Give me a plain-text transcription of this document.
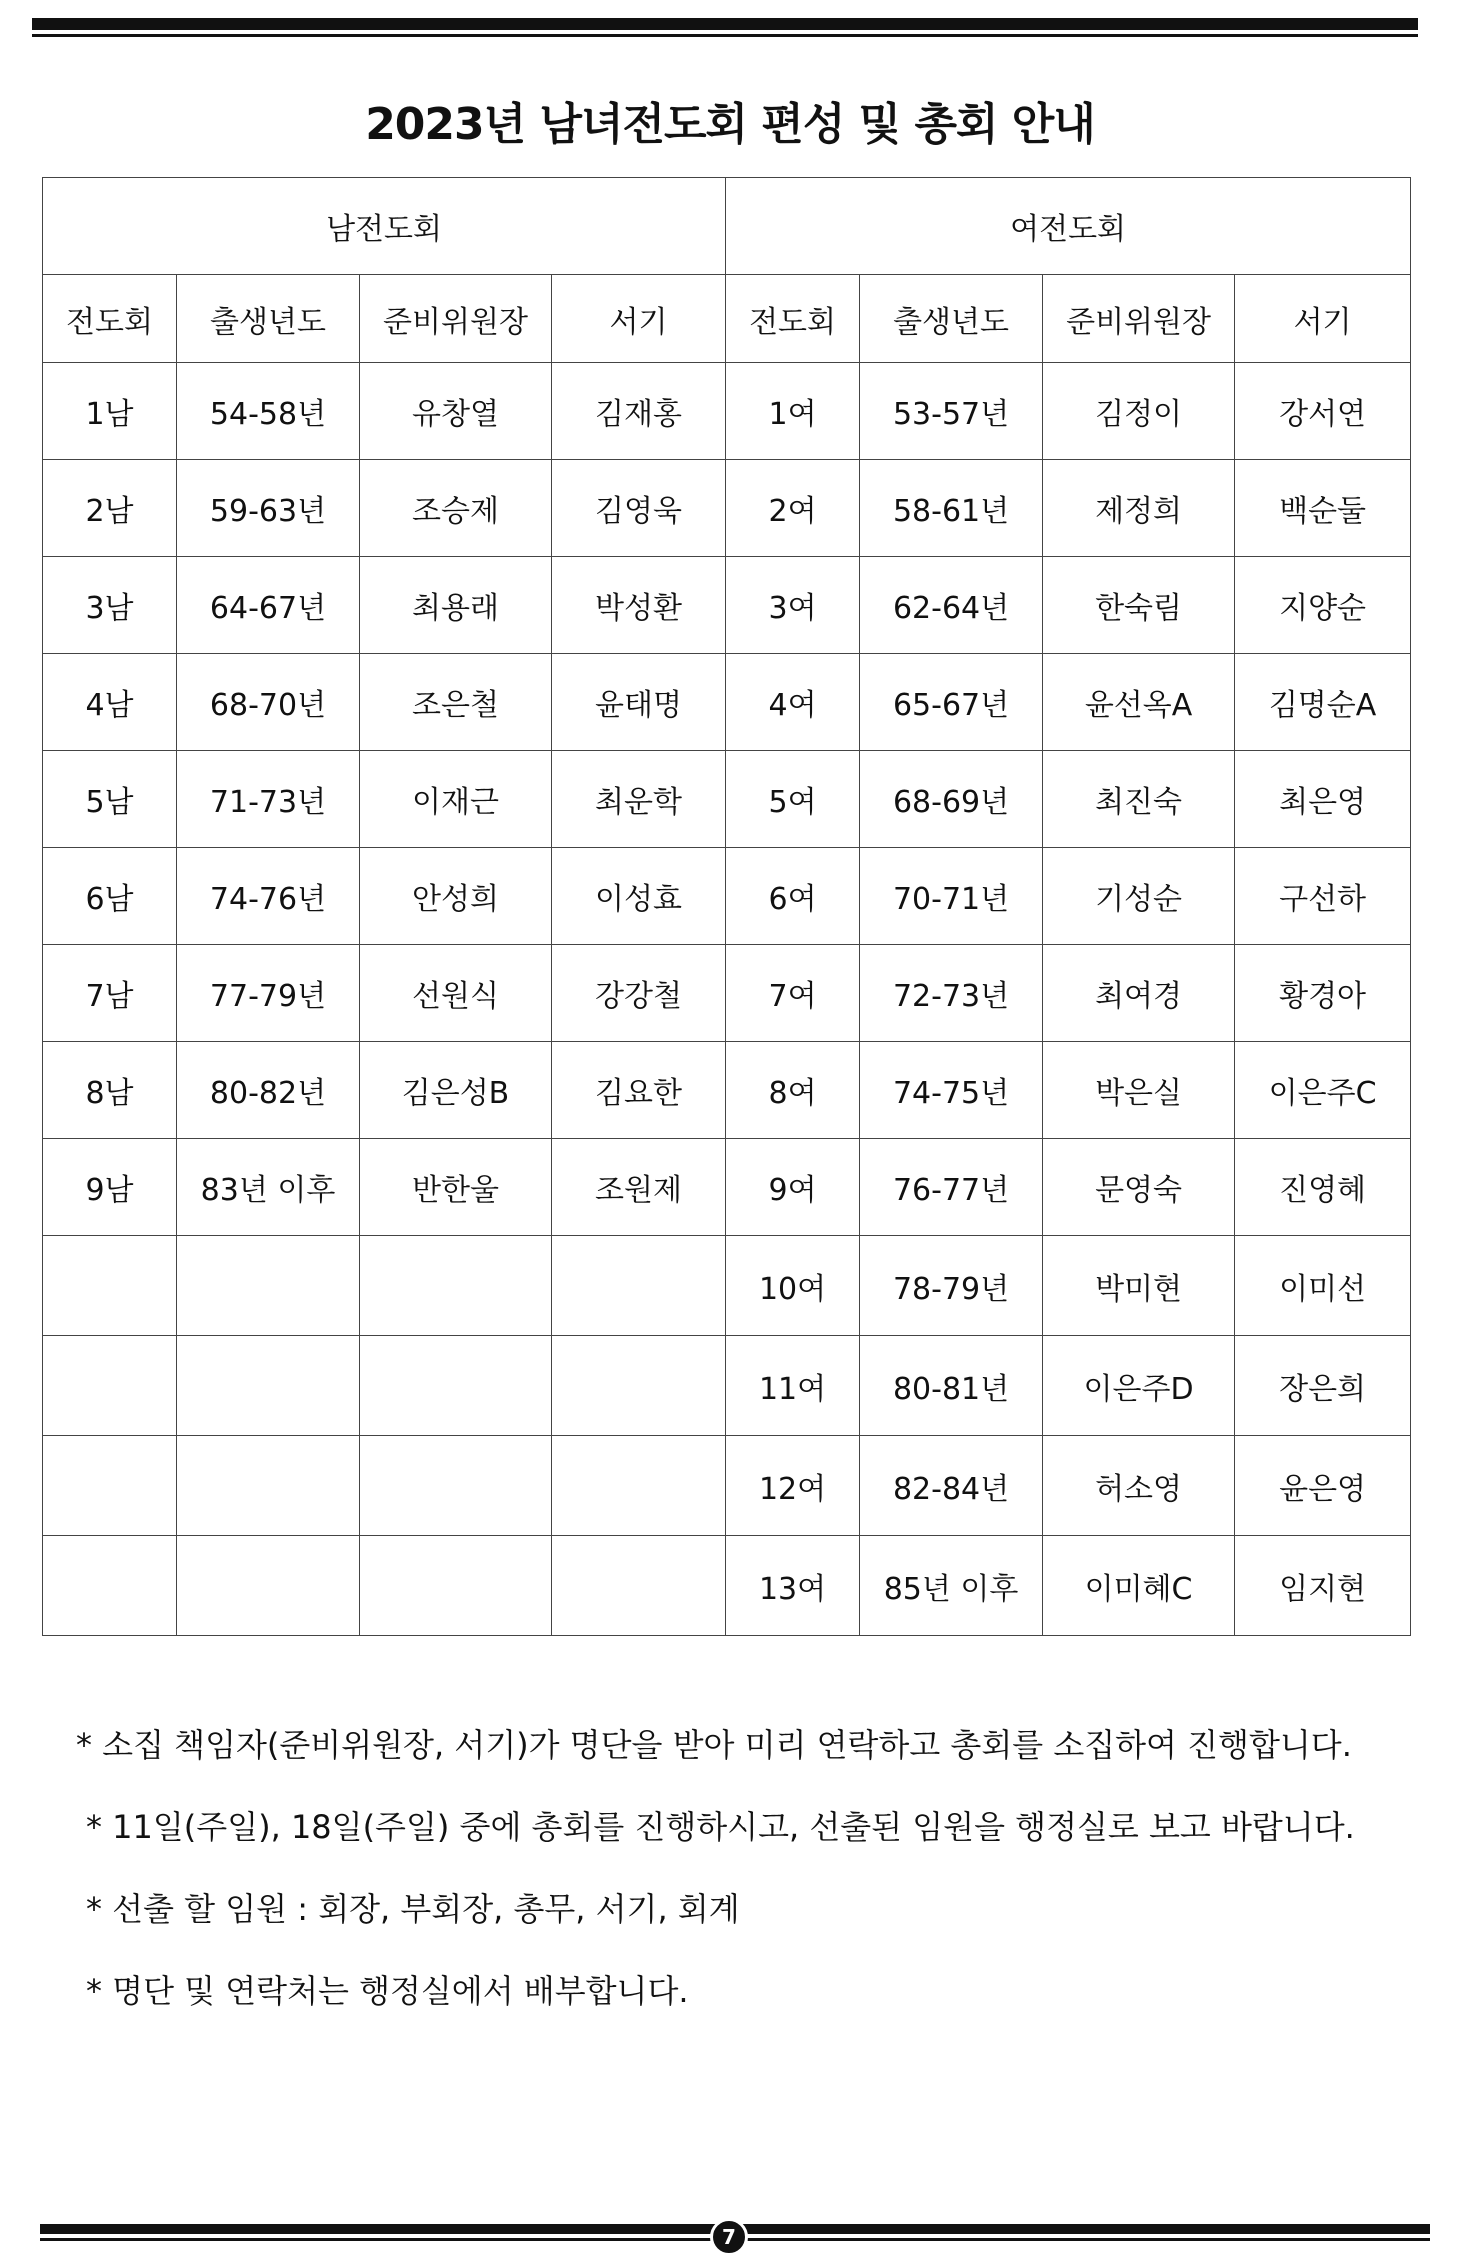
2023년 남녀전도회 편성 및 총회 안내
남전도회				여전도회			
전도회	출생년도	준비위원장	서기	전도회	출생년도	준비위원장	서기
1남	54-58년	유창열	김재홍	1여	53-57년	김정이	강서연
2남	59-63년	조승제	김영욱	2여	58-61년	제정희	백순둘
3남	64-67년	최용래	박성환	3여	62-64년	한숙림	지양순
4남	68-70년	조은철	윤태명	4여	65-67년	윤선옥A	김명순A
5남	71-73년	이재근	최운학	5여	68-69년	최진숙	최은영
6남	74-76년	안성희	이성효	6여	70-71년	기성순	구선하
7남	77-79년	선원식	강강철	7여	72-73년	최여경	황경아
8남	80-82년	김은성B	김요한	8여	74-75년	박은실	이은주C
9남	83년 이후	반한울	조원제	9여	76-77년	문영숙	진영혜
				10여	78-79년	박미현	이미선
				11여	80-81년	이은주D	장은희
				12여	82-84년	허소영	윤은영
				13여	85년 이후	이미혜C	임지현
* 소집 책임자(준비위원장, 서기)가 명단을 받아 미리 연락하고 총회를 소집하여 진행합니다.
* 11일(주일), 18일(주일) 중에 총회를 진행하시고, 선출된 임원을 행정실로 보고 바랍니다.
* 선출 할 임원 : 회장, 부회장, 총무, 서기, 회계
* 명단 및 연락처는 행정실에서 배부합니다.
7
